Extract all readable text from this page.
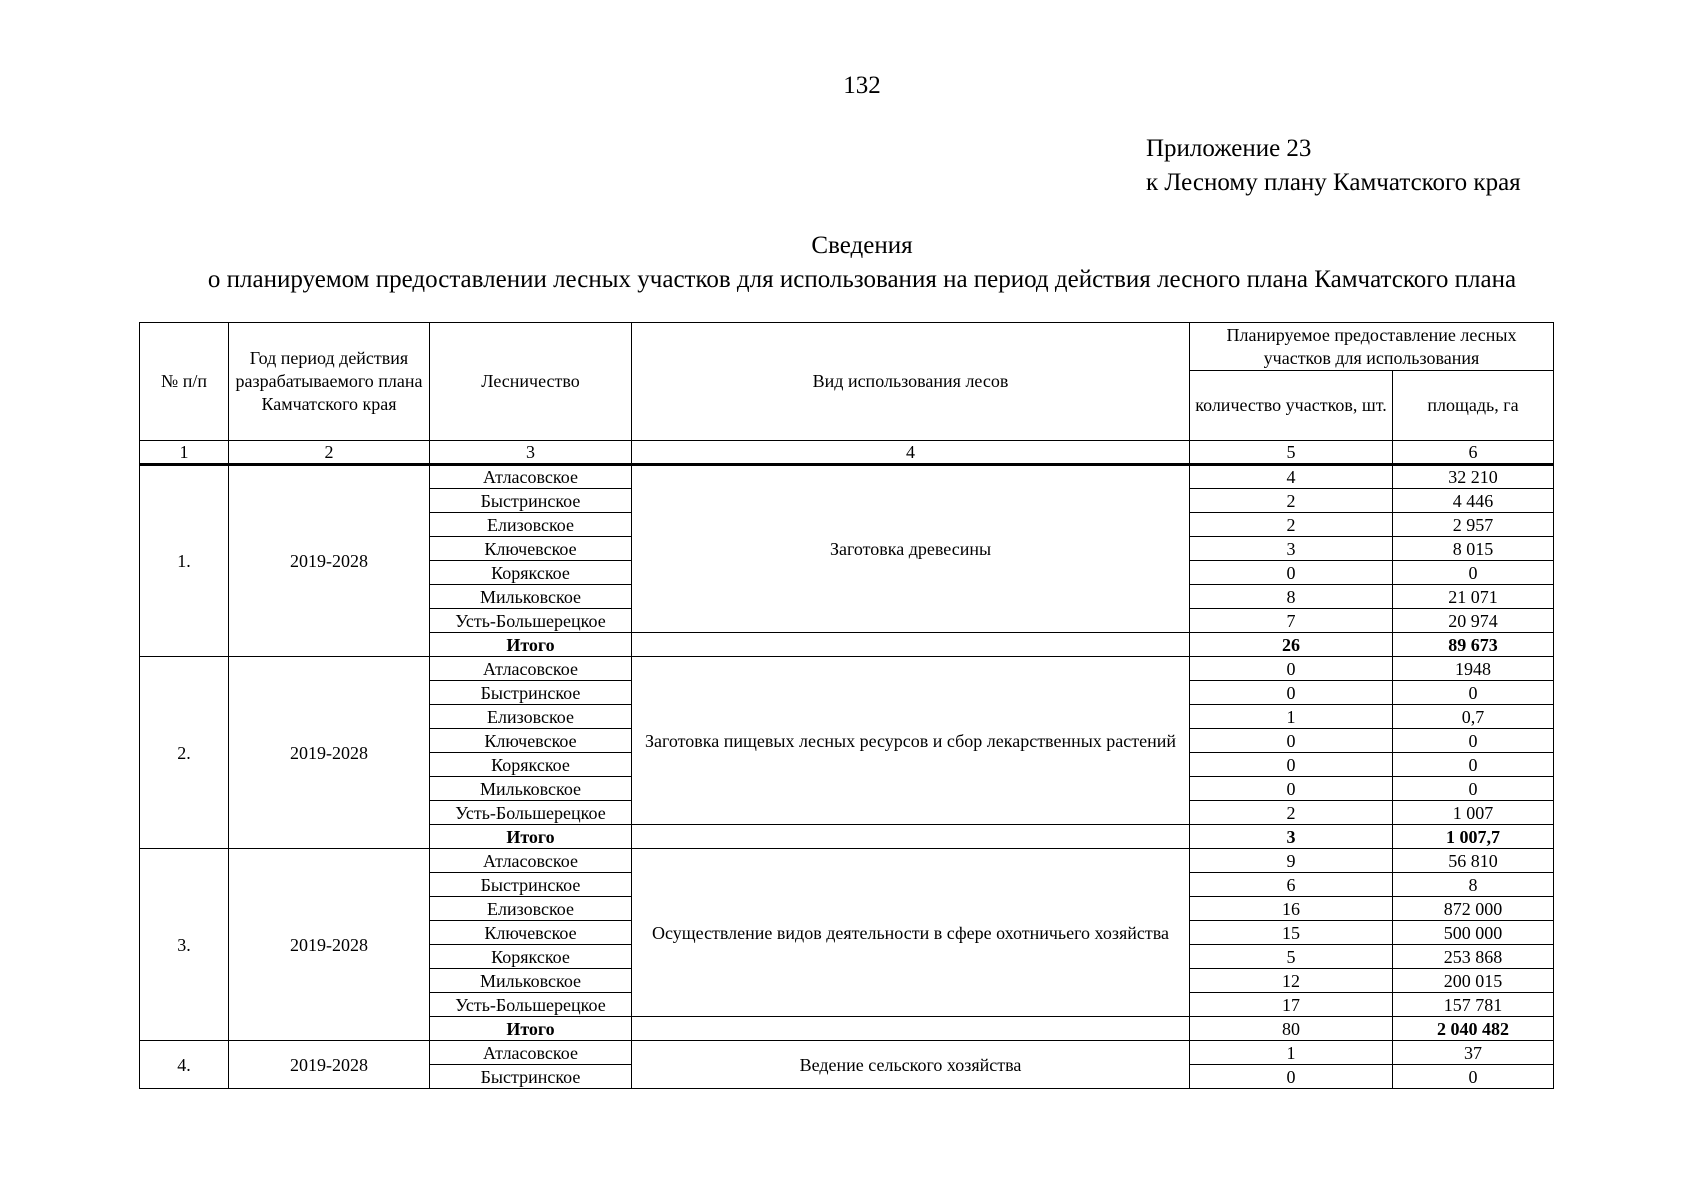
132
Приложение 23
к Лесному плану Камчатского края
Сведения
о планируемом предоставлении лесных участков для использования на период действия лесного плана Камчатского плана
№ п/п	Год период действия разрабатываемого плана Камчатского края	Лесничество	Вид использования лесов	Планируемое предоставление лесных участков для использования	
				количество участков, шт.	площадь, га
1	2	3	4	5	6
1.	2019-2028	Атласовское	Заготовка древесины	4	32 210
		Быстринское		2	4 446
		Елизовское		2	2 957
		Ключевское		3	8 015
		Корякское		0	0
		Мильковское		8	21 071
		Усть-Большерецкое		7	20 974
		Итого		26	89 673
2.	2019-2028	Атласовское	Заготовка пищевых лесных ресурсов и сбор лекарственных растений	0	1948
		Быстринское		0	0
		Елизовское		1	0,7
		Ключевское		0	0
		Корякское		0	0
		Мильковское		0	0
		Усть-Большерецкое		2	1 007
		Итого		3	1 007,7
3.	2019-2028	Атласовское	Осуществление видов деятельности в сфере охотничьего хозяйства	9	56 810
		Быстринское		6	8
		Елизовское		16	872 000
		Ключевское		15	500 000
		Корякское		5	253 868
		Мильковское		12	200 015
		Усть-Большерецкое		17	157 781
		Итого		80	2 040 482
4.	2019-2028	Атласовское	Ведение сельского хозяйства	1	37
		Быстринское		0	0
